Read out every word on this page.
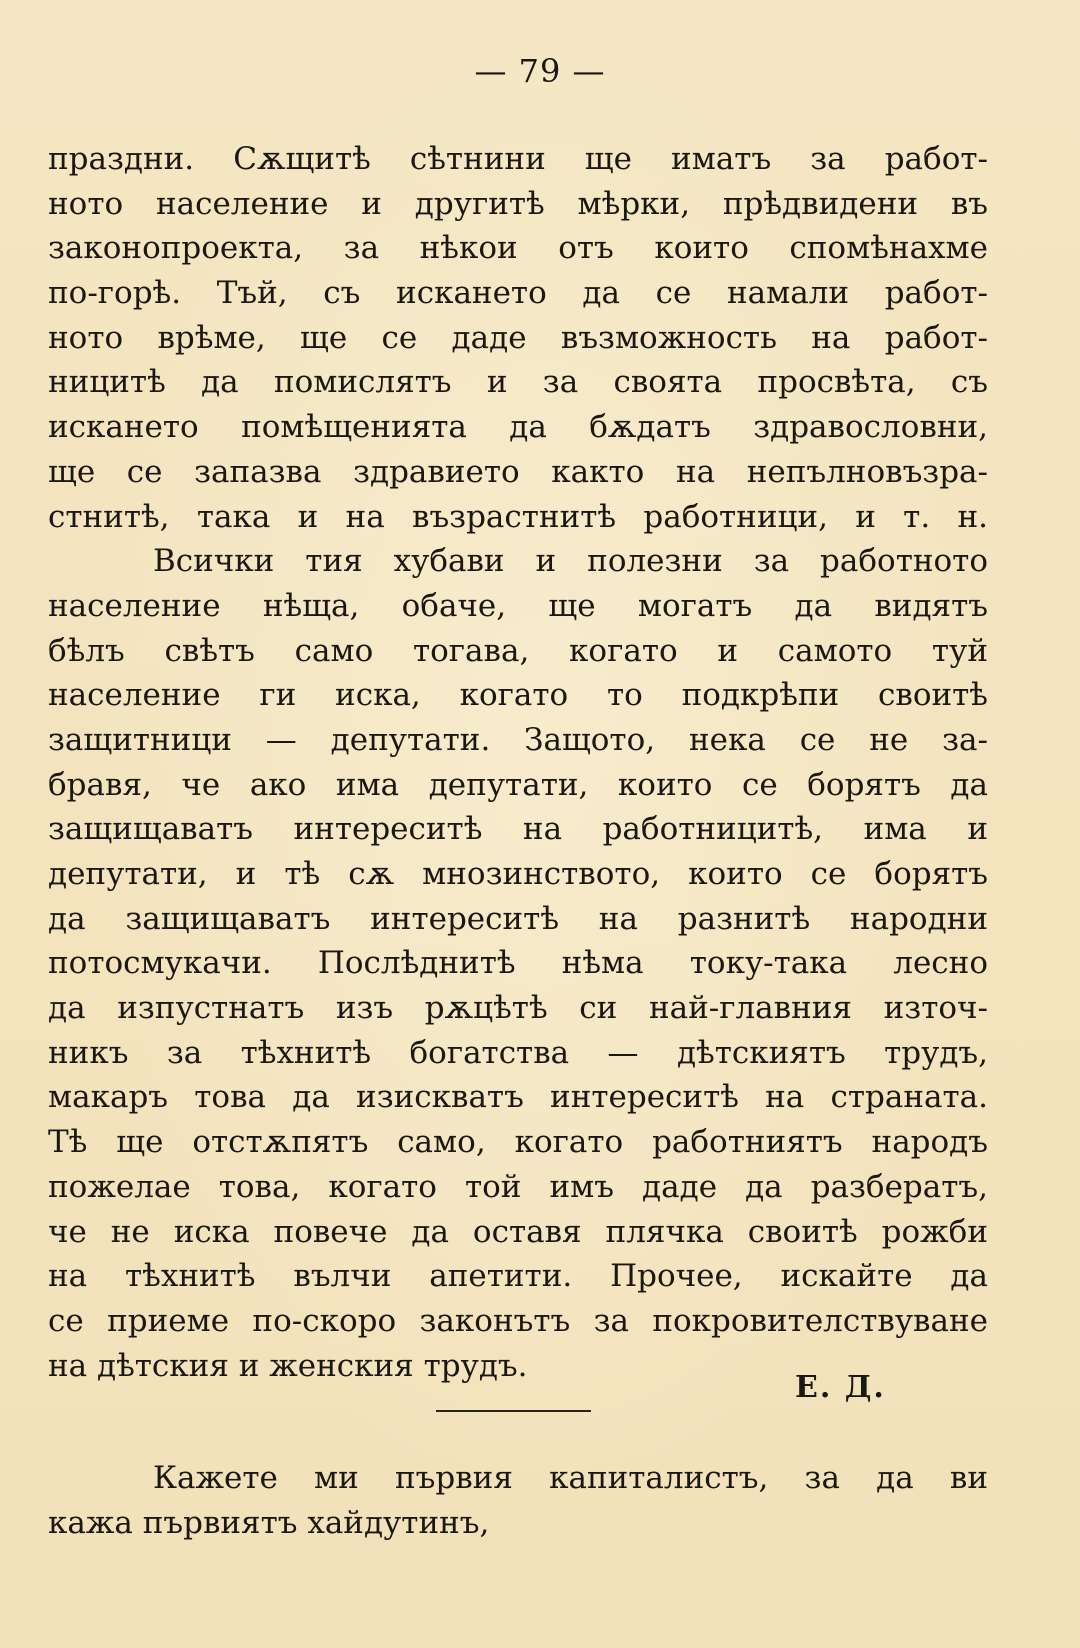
— 79 —
праздни. Сѫщитѣ сѣтнини ще иматъ за работ-
ното население и другитѣ мѣрки, прѣдвидени въ
законопроекта, за нѣкои отъ които спомѣнахме
по-горѣ. Тъй, съ искането да се намали работ-
ното врѣме, ще се даде възможность на работ-
ницитѣ да помислятъ и за своята просвѣта, съ
искането помѣщенията да бѫдатъ здравословни,
ще се запазва здравието както на непълновъзра-
стнитѣ, така и на възрастнитѣ работници, и т. н.
Всички тия хубави и полезни за работното
население нѣща, обаче, ще могатъ да видятъ
бѣлъ свѣтъ само тогава, когато и самото туй
население ги иска, когато то подкрѣпи своитѣ
защитници — депутати. Защото, нека се не за-
бравя, че ако има депутати, които се борятъ да
защищаватъ интереситѣ на работницитѣ, има и
депутати, и тѣ сѫ мнозинството, които се борятъ
да защищаватъ интереситѣ на разнитѣ народни
потосмукачи. Послѣднитѣ нѣма току-така лесно
да изпустнатъ изъ рѫцѣтѣ си най-главния източ-
никъ за тѣхнитѣ богатства — дѣтскиятъ трудъ,
макаръ това да изискватъ интереситѣ на страната.
Тѣ ще отстѫпятъ само, когато работниятъ народъ
пожелае това, когато той имъ даде да разбератъ,
че не иска повече да оставя плячка своитѣ рожби
на тѣхнитѣ вълчи апетити. Прочее, искайте да
се приеме по-скоро законътъ за покровителствуване
на дѣтския и женския трудъ.
Е. Д.
Кажете ми първия капиталистъ, за да ви
кажа първиятъ хайдутинъ,
